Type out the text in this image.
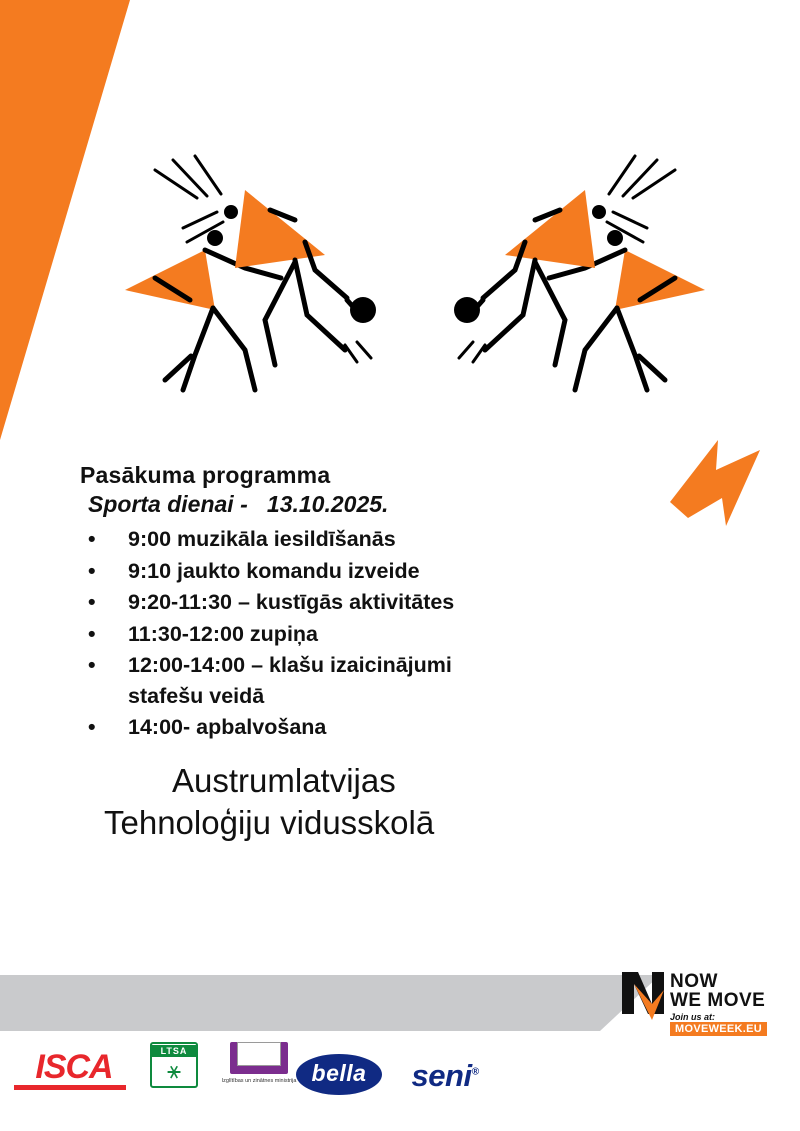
Pasākuma programma
Sporta dienai -   13.10.2025.
• 9:00 muzikāla iesildīšanās
• 9:10 jaukto komandu izveide
• 9:20-11:30 – kustīgās aktivitātes
• 11:30-12:00 zupiņa
• 12:00-14:00 – klašu izaicinājumi
stafešu veidā
• 14:00- apbalvošana
Austrumlatvijas
Tehnoloģiju vidusskolā
NOW
WE MOVE
Join us at:
MOVEWEEK.EU
ISCA	LTSA
⚹	Izglītības un zinātnes ministrija bella	seni®
